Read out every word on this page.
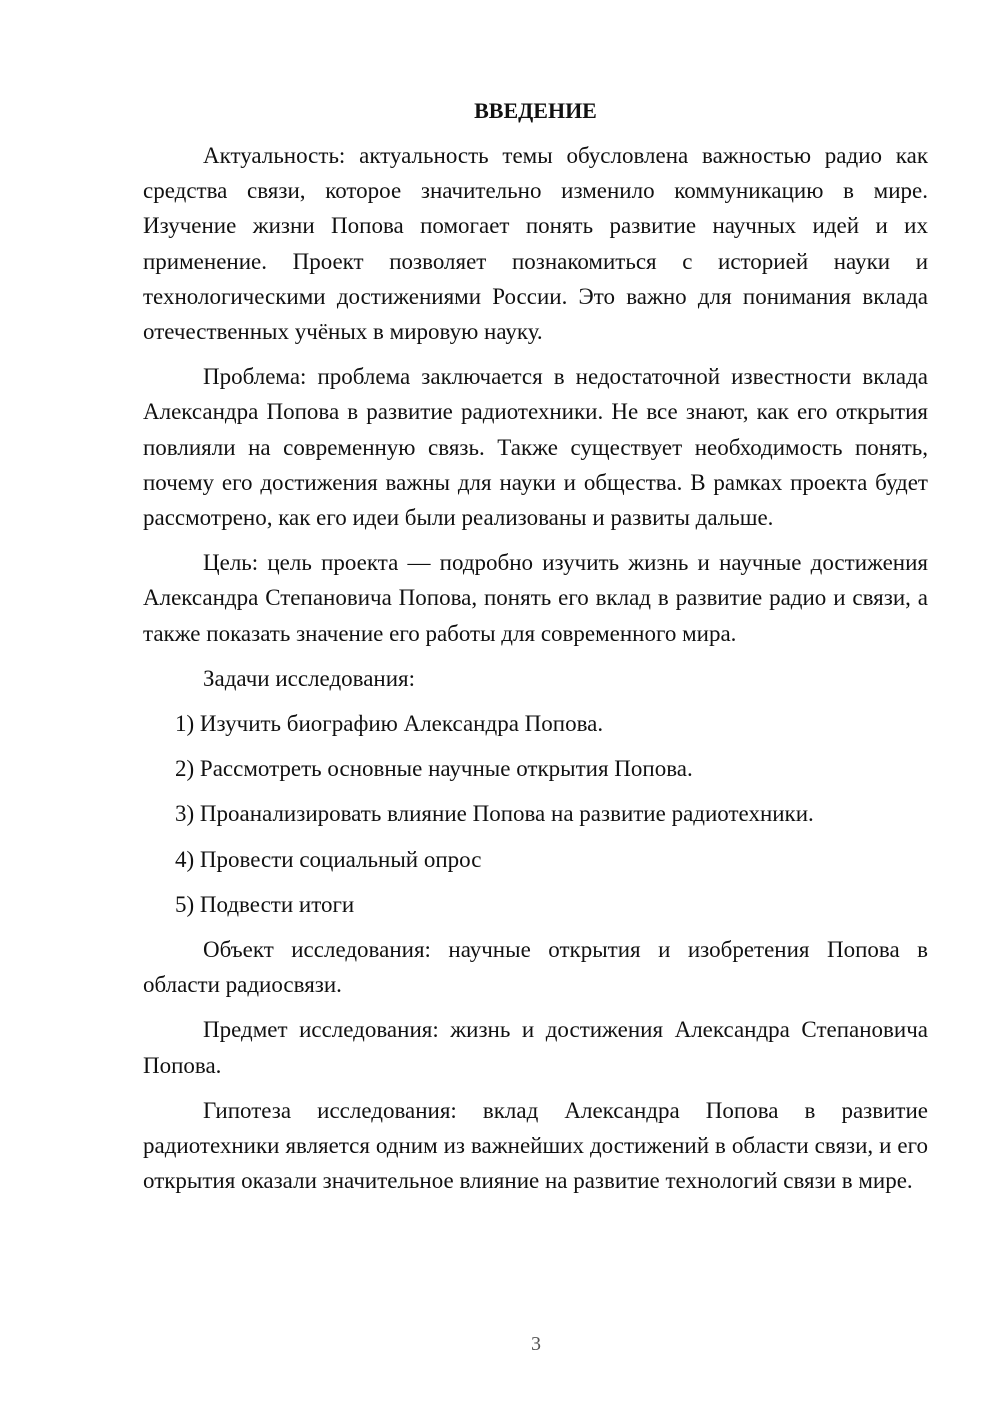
ВВЕДЕНИЕ

Актуальность: актуальность темы обусловлена важностью радио как средства связи, которое значительно изменило коммуникацию в мире. Изучение жизни Попова помогает понять развитие научных идей и их применение. Проект позволяет познакомиться с историей науки и технологическими достижениями России. Это важно для понимания вклада отечественных учёных в мировую науку.

Проблема: проблема заключается в недостаточной известности вклада Александра Попова в развитие радиотехники. Не все знают, как его открытия повлияли на современную связь. Также существует необходимость понять, почему его достижения важны для науки и общества. В рамках проекта будет рассмотрено, как его идеи были реализованы и развиты дальше.

Цель: цель проекта — подробно изучить жизнь и научные достижения Александра Степановича Попова, понять его вклад в развитие радио и связи, а также показать значение его работы для современного мира.

Задачи исследования:

1) Изучить биографию Александра Попова.
2) Рассмотреть основные научные открытия Попова.
3) Проанализировать влияние Попова на развитие радиотехники.
4) Провести социальный опрос
5) Подвести итоги

Объект исследования: научные открытия и изобретения Попова в области радиосвязи.

Предмет исследования: жизнь и достижения Александра Степановича Попова.

Гипотеза исследования: вклад Александра Попова в развитие радиотехники является одним из важнейших достижений в области связи, и его открытия оказали значительное влияние на развитие технологий связи в мире.

3
